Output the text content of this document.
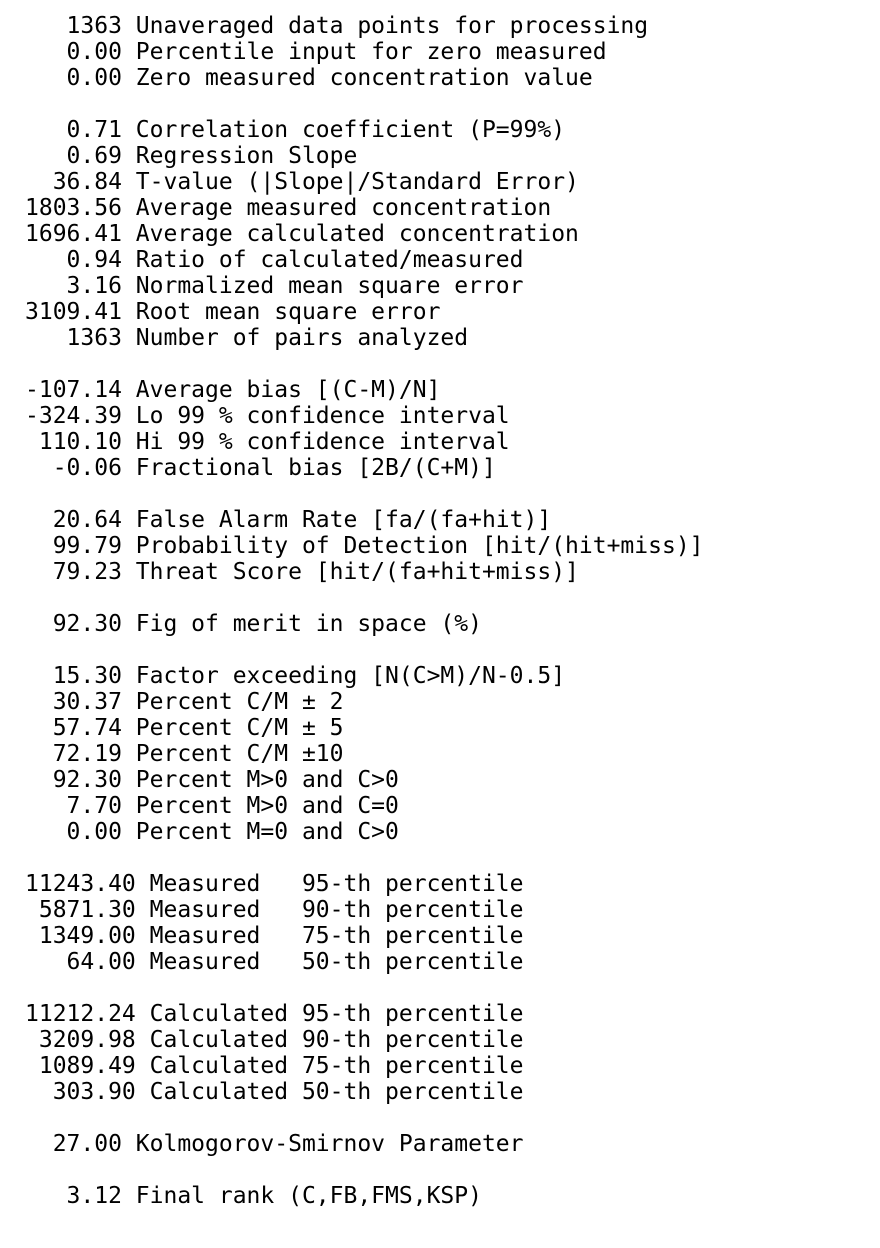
1363 Unaveraged data points for processing
0.00 Percentile input for zero measured
0.00 Zero measured concentration value
0.71 Correlation coefficient (P=99%)
0.69 Regression Slope
36.84 T-value (|Slope|/Standard Error)
1803.56 Average measured concentration
1696.41 Average calculated concentration
0.94 Ratio of calculated/measured
3.16 Normalized mean square error
3109.41 Root mean square error
1363 Number of pairs analyzed
-107.14 Average bias [(C-M)/N]
-324.39 Lo 99 % confidence interval
110.10 Hi 99 % confidence interval
-0.06 Fractional bias [2B/(C+M)]
20.64 False Alarm Rate [fa/(fa+hit)]
99.79 Probability of Detection [hit/(hit+miss)]
79.23 Threat Score [hit/(fa+hit+miss)]
92.30 Fig of merit in space (%)
15.30 Factor exceeding [N(C>M)/N-0.5]
30.37 Percent C/M ± 2
57.74 Percent C/M ± 5
72.19 Percent C/M ±10
92.30 Percent M>0 and C>0
7.70 Percent M>0 and C=0
0.00 Percent M=0 and C>0
11243.40 Measured   95-th percentile
5871.30 Measured   90-th percentile
1349.00 Measured   75-th percentile
64.00 Measured   50-th percentile
11212.24 Calculated 95-th percentile
3209.98 Calculated 90-th percentile
1089.49 Calculated 75-th percentile
303.90 Calculated 50-th percentile
27.00 Kolmogorov-Smirnov Parameter
3.12 Final rank (C,FB,FMS,KSP)
